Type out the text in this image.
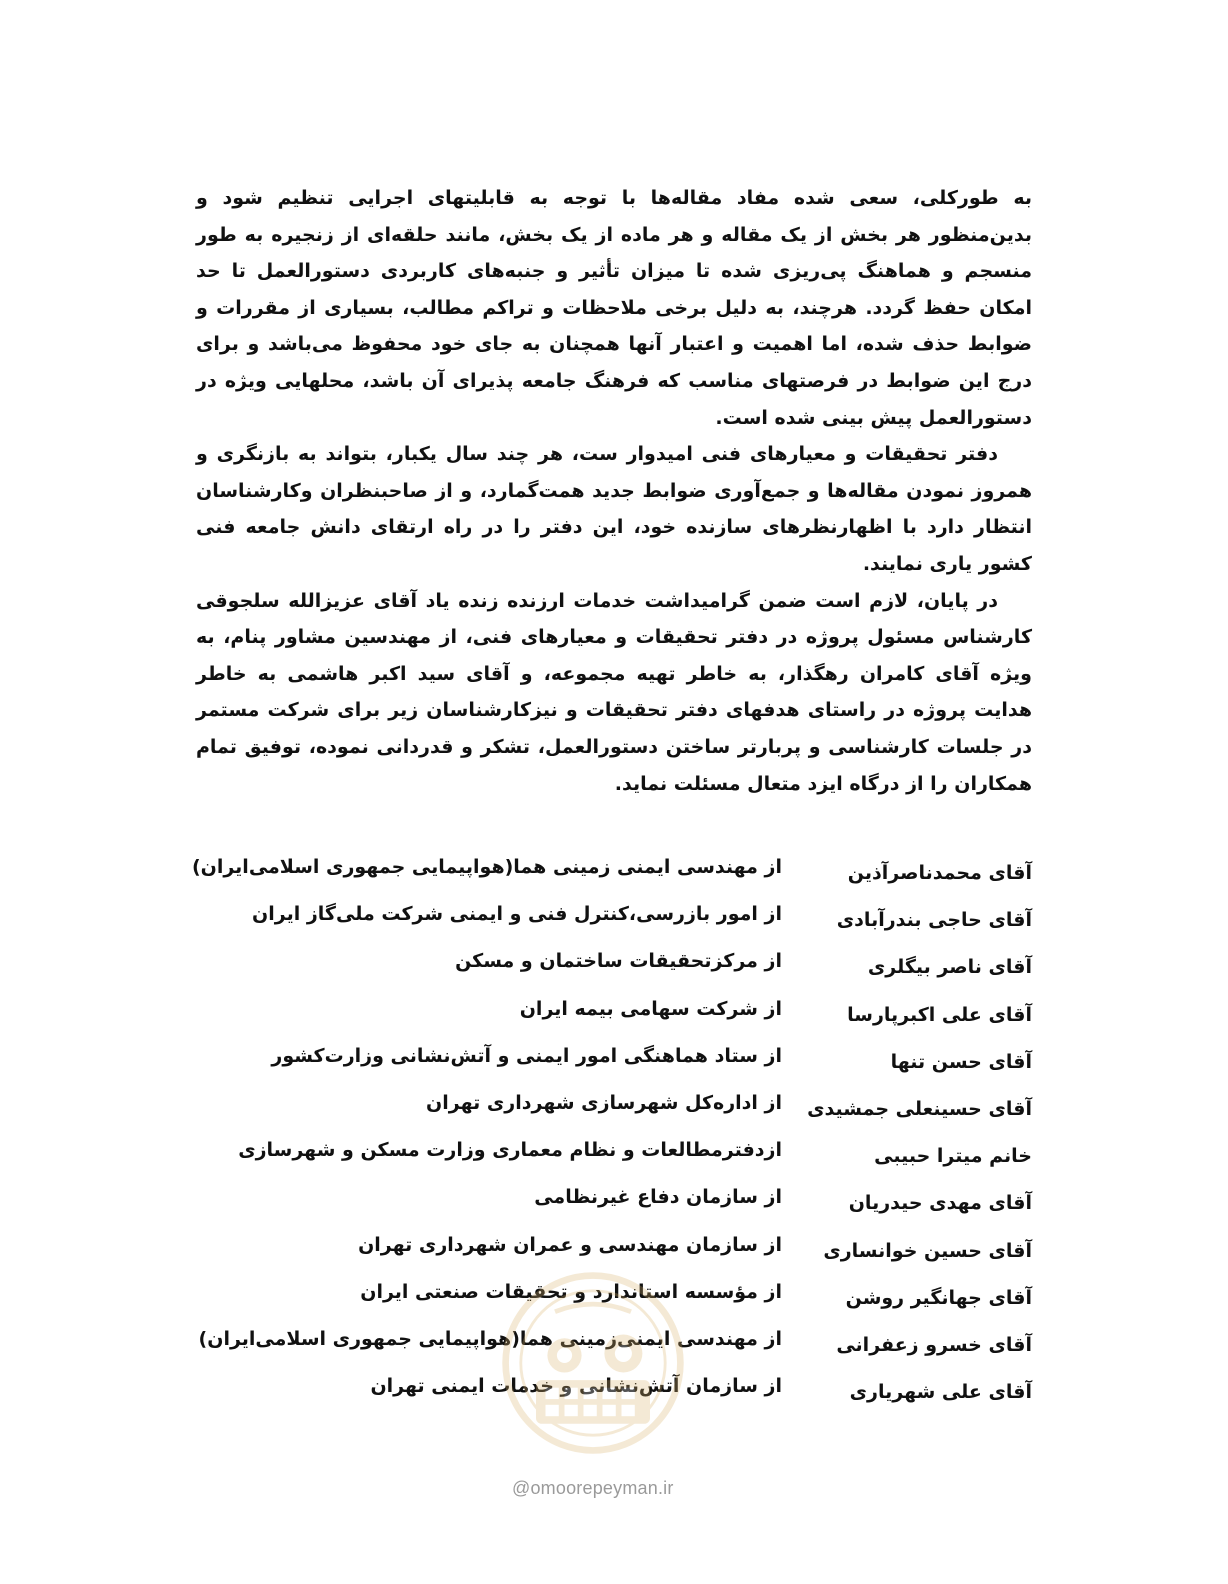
به طورکلی، سعی شده مفاد مقاله‌ها با توجه به قابلیتهای اجرایی تنظیم شود و بدین‌منظور هر بخش از یک مقاله و هر ماده از یک بخش، مانند حلقه‌ای از زنجیره به طور منسجم و هماهنگ پی‌ریزی شده تا میزان تأثیر و جنبه‌های کاربردی دستورالعمل تا حد امکان حفظ گردد. هرچند، به دلیل برخی ملاحظات و تراکم مطالب، بسیاری از مقررات و ضوابط حذف شده، اما اهمیت و اعتبار آنها همچنان به جای خود محفوظ می‌باشد و برای درج این ضوابط در فرصتهای مناسب که فرهنگ جامعه پذیرای آن باشد، محلهایی ویژه در دستورالعمل پیش بینی شده است.

دفتر تحقیقات و معیارهای فنی امیدوار ست، هر چند سال یکبار، بتواند به بازنگری و همروز نمودن مقاله‌ها و جمع‌آوری ضوابط جدید همت‌گمارد، و از صاحبنظران وکارشناسان انتظار دارد با اظهارنظرهای سازنده خود، این دفتر را در راه ارتقای دانش جامعه فنی کشور یاری نمایند.

در پایان، لازم است ضمن گرامیداشت خدمات ارزنده زنده یاد آقای عزیزالله سلجوقی کارشناس مسئول پروژه در دفتر تحقیقات و معیارهای فنی، از مهندسین مشاور پنام، به ویژه آقای کامران رهگذار، به خاطر تهیه مجموعه، و آقای سید اکبر هاشمی به خاطر هدایت پروژه در راستای هدفهای دفتر تحقیقات و نیزکارشناسان زیر برای شرکت مستمر در جلسات کارشناسی و پربارتر ساختن دستورالعمل، تشکر و قدردانی نموده، توفیق تمام همکاران را از درگاه ایزد متعال مسئلت نماید.

آقای محمدناصرآذین
از مهندسی ایمنی زمینی هما(هواپیمایی جمهوری اسلامی‌ایران)
آقای حاجی بندرآبادی
از امور بازرسی،کنترل فنی و ایمنی شرکت ملی‌گاز ایران
آقای ناصر بیگلری
از مرکزتحقیقات ساختمان و مسکن
آقای علی اکبرپارسا
از شرکت سهامی بیمه ایران
آقای حسن تنها
از ستاد هماهنگی امور ایمنی و آتش‌نشانی وزارت‌کشور
آقای حسینعلی جمشیدی
از اداره‌کل شهرسازی شهرداری تهران
خانم میترا حبیبی
ازدفترمطالعات و نظام معماری وزارت مسکن و شهرسازی
آقای مهدی حیدریان
از سازمان دفاع غیرنظامی
آقای حسین خوانساری
از سازمان مهندسی و عمران شهرداری تهران
آقای جهانگیر روشن
از مؤسسه استاندارد و تحقیقات صنعتی ایران
آقای خسرو زعفرانی
از مهندسی ایمنی‌زمینی هما(هواپیمایی جمهوری اسلامی‌ایران)
آقای علی شهریاری
از سازمان آتش‌نشانی و خدمات ایمنی تهران
@omoorepeyman.ir
